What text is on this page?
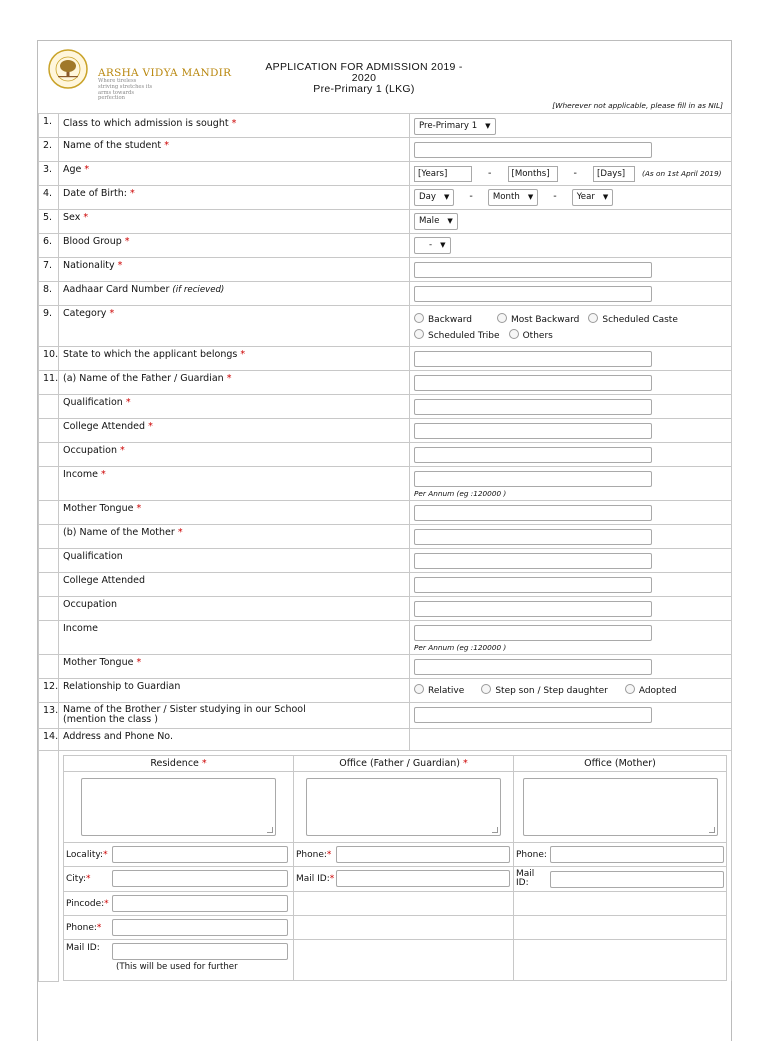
ARSHA VIDYA MANDIR
Where tireless striving stretches its arms towards perfection
APPLICATION FOR ADMISSION 2019 - 2020
Pre-Primary 1 (LKG)
[Wherever not applicable, please fill in as NIL]
1.	Class to which admission is sought *	Pre-Primary 1 ▼
2.	Name of the student *	

3.	Age *	[Years]	- [Months]	- [Days] (As on 1st April 2019)
4.	Date of Birth: *	Day ▼ - Month ▼ - Year ▼
5.	Sex *	Male ▼
6.	Blood Group *	- ▼
7.	Nationality *	

8.	Aadhaar Card Number (if recieved)	

9.	Category *	Backward	Most Backward	Scheduled Caste
Scheduled Tribe	Others
10.	State to which the applicant belongs *	

11.	(a) Name of the Father / Guardian *	

	Qualification *	

	College Attended *	

	Occupation *	

	Income *	
Per Annum (eg :120000 )

	Mother Tongue *	

	(b) Name of the Mother *	

	Qualification	

	College Attended	

	Occupation	

	Income	
Per Annum (eg :120000 )

	Mother Tongue *	

12.	Relationship to Guardian	Relative	Step son / Step daughter	Adopted
13.	Name of the Brother / Sister studying in our School
(mention the class )	

14.	Address and Phone No.	

Residence *	Office (Father / Guardian) *	Office (Mother)

Locality:*	Phone:*	Phone:
City:*	Mail ID:*	Mail
ID:
Pincode:*		
Phone:*		
Mail ID:
(This will be used for further
